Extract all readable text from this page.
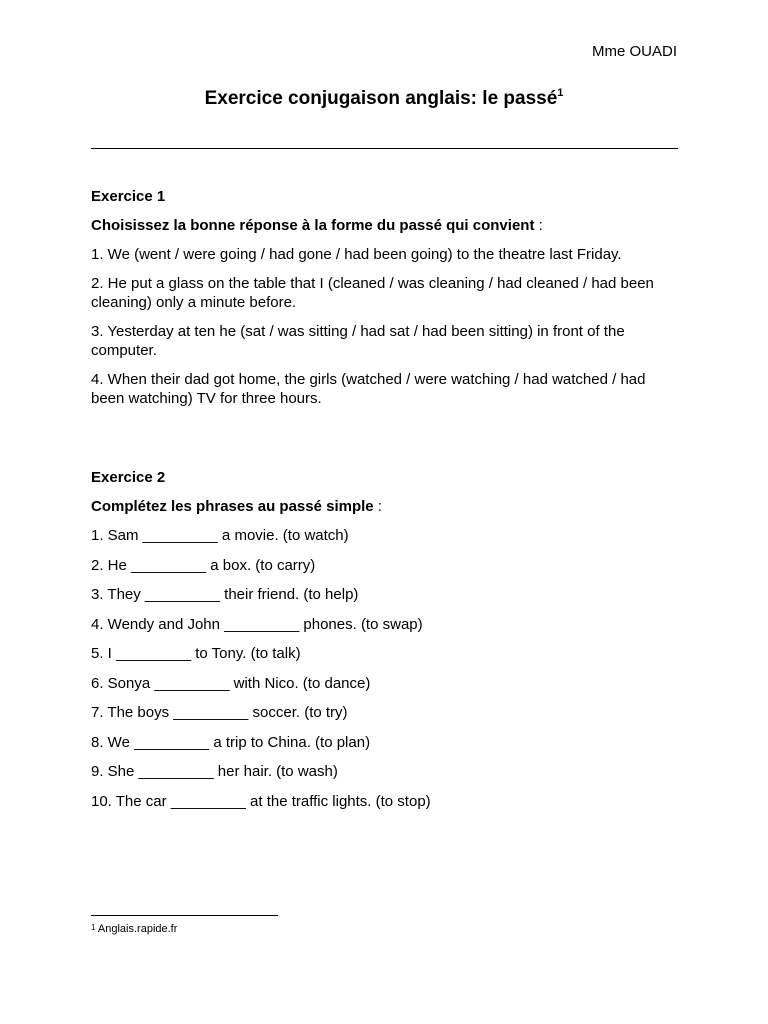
Mme OUADI
Exercice conjugaison anglais: le passé$^1$
Exercice 1
Choisissez la bonne réponse à la forme du passé qui convient :
1. We (went / were going / had gone / had been going) to the theatre last Friday.
2. He put a glass on the table that I (cleaned / was cleaning / had cleaned / had been cleaning) only a minute before.
3. Yesterday at ten he (sat / was sitting / had sat / had been sitting) in front of the computer.
4. When their dad got home, the girls (watched / were watching / had watched / had been watching) TV for three hours.
Exercice 2
Complétez les phrases au passé simple :
1. Sam _________ a movie. (to watch)
2. He _________ a box. (to carry)
3. They _________ their friend. (to help)
4. Wendy and John _________ phones. (to swap)
5. I _________ to Tony. (to talk)
6. Sonya _________ with Nico. (to dance)
7. The boys _________ soccer. (to try)
8. We _________ a trip to China. (to plan)
9. She _________ her hair. (to wash)
10. The car _________ at the traffic lights. (to stop)
$^1$ Anglais.rapide.fr
